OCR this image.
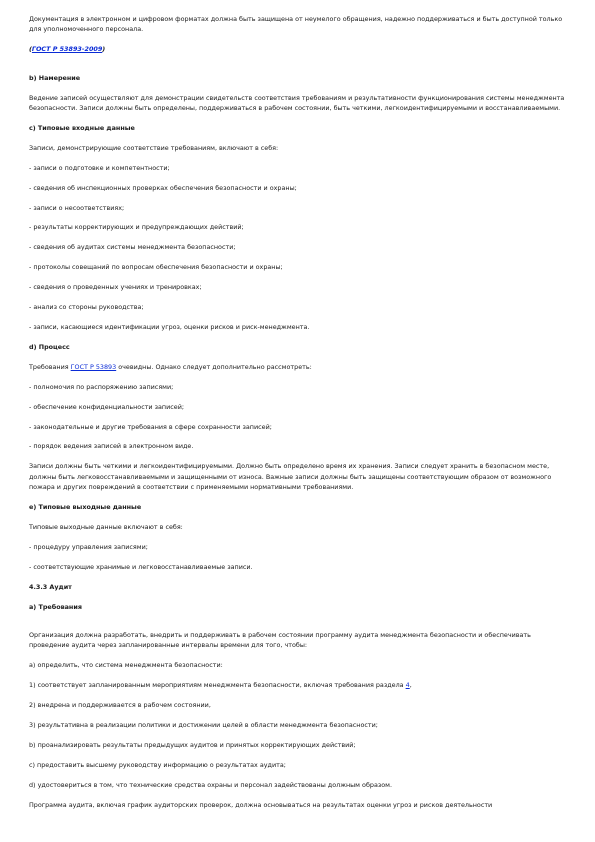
Документация в электронном и цифровом форматах должна быть защищена от неумелого обращения, надежно поддерживаться и быть доступной только для уполномоченного персонала.

(ГОСТ Р 53893-2009)

b) Намерение

Ведение записей осуществляют для демонстрации свидетельств соответствия требованиям и результативности функционирования системы менеджмента безопасности. Записи должны быть определены, поддерживаться в рабочем состоянии, быть четкими, легкоидентифицируемыми и восстанавливаемыми.

c) Типовые входные данные

Записи, демонстрирующие соответствие требованиям, включают в себя:

- записи о подготовке и компетентности;

- сведения об инспекционных проверках обеспечения безопасности и охраны;

- записи о несоответствиях;

- результаты корректирующих и предупреждающих действий;

- сведения об аудитах системы менеджмента безопасности;

- протоколы совещаний по вопросам обеспечения безопасности и охраны;

- сведения о проведенных учениях и тренировках;

- анализ со стороны руководства;

- записи, касающиеся идентификации угроз, оценки рисков и риск-менеджмента.

d) Процесс

Требования ГОСТ Р 53893 очевидны. Однако следует дополнительно рассмотреть:

- полномочия по распоряжению записями;

- обеспечение конфиденциальности записей;

- законодательные и другие требования в сфере сохранности записей;

- порядок ведения записей в электронном виде.

Записи должны быть четкими и легкоидентифицируемыми. Должно быть определено время их хранения. Записи следует хранить в безопасном месте, должны быть легковосстанавливаемыми и защищенными от износа. Важные записи должны быть защищены соответствующим образом от возможного пожара и других повреждений в соответствии с применяемыми нормативными требованиями.

e) Типовые выходные данные

Типовые выходные данные включают в себя:

- процедуру управления записями;

- соответствующие хранимые и легковосстанавливаемые записи.

4.3.3 Аудит

a) Требования

Организация должна разработать, внедрить и поддерживать в рабочем состоянии программу аудита менеджмента безопасности и обеспечивать проведение аудита через запланированные интервалы времени для того, чтобы:

а) определить, что система менеджмента безопасности:

1) соответствует запланированным мероприятиям менеджмента безопасности, включая требования раздела 4,

2) внедрена и поддерживается в рабочем состоянии,

3) результативна в реализации политики и достижении целей в области менеджмента безопасности;

b) проанализировать результаты предыдущих аудитов и принятых корректирующих действий;

c) предоставить высшему руководству информацию о результатах аудита;

d) удостовериться в том, что технические средства охраны и персонал задействованы должным образом.

Программа аудита, включая график аудиторских проверок, должна основываться на результатах оценки угроз и рисков деятельности
